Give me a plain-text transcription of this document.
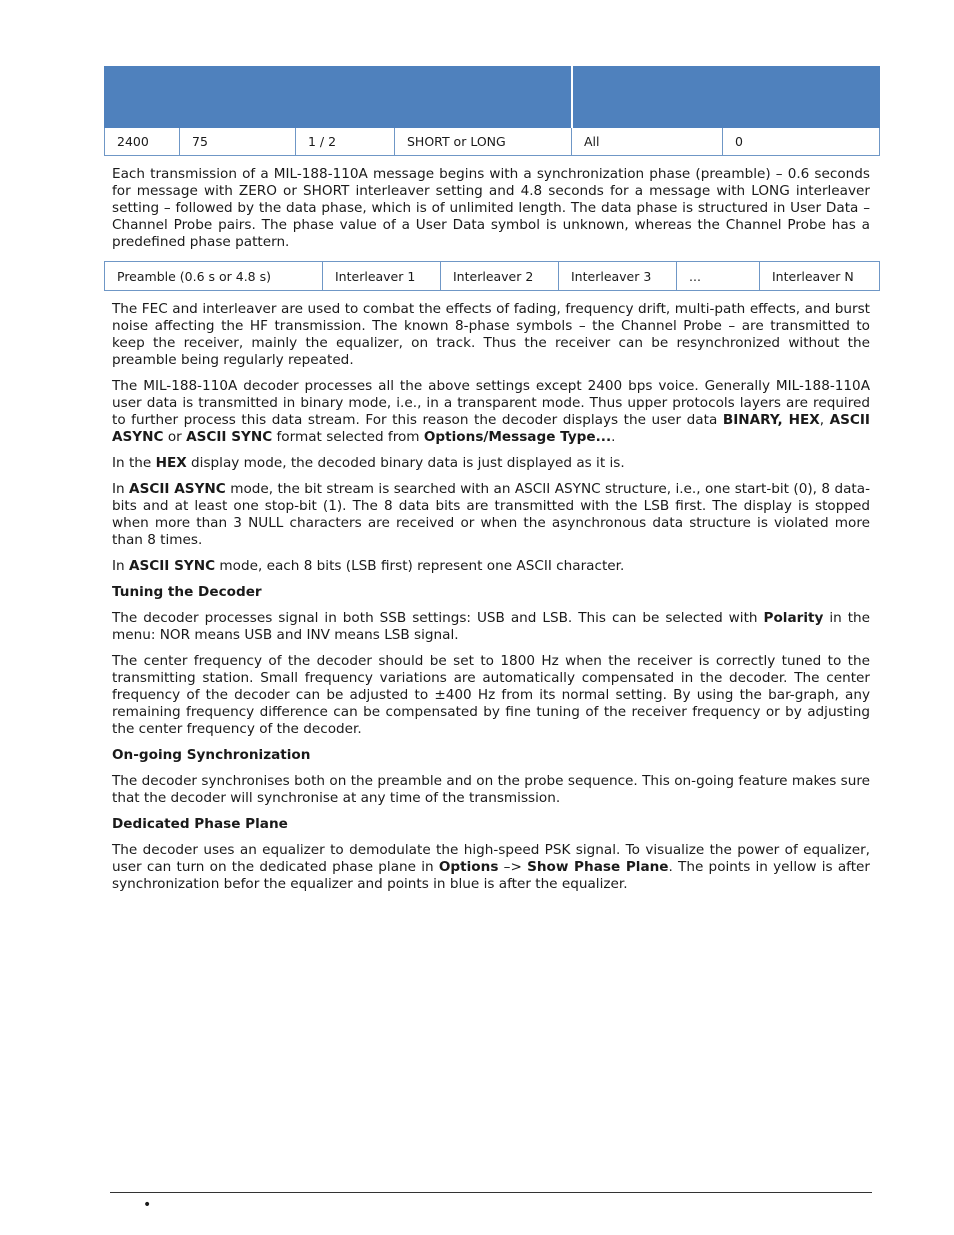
2400	75	1 / 2	SHORT or LONG	All	0

Each transmission of a MIL-188-110A message begins with a synchronization phase (preamble) – 0.6 seconds for message with ZERO or SHORT interleaver setting and 4.8 seconds for a message with LONG interleaver setting – followed by the data phase, which is of unlimited length. The data phase is structured in User Data – Channel Probe pairs. The phase value of a User Data symbol is unknown, whereas the Channel Probe has a predefined phase pattern.

Preamble (0.6 s or 4.8 s)	Interleaver 1	Interleaver 2	Interleaver 3	...	Interleaver N

The FEC and interleaver are used to combat the effects of fading, frequency drift, multi-path effects, and burst noise affecting the HF transmission. The known 8-phase symbols – the Channel Probe – are transmitted to keep the receiver, mainly the equalizer, on track. Thus the receiver can be resynchronized without the preamble being regularly repeated.

The MIL-188-110A decoder processes all the above settings except 2400 bps voice. Generally MIL-188-110A user data is transmitted in binary mode, i.e., in a transparent mode. Thus upper protocols layers are required to further process this data stream. For this reason the decoder displays the user data BINARY, HEX, ASCII ASYNC or ASCII SYNC format selected from Options/Message Type....

In the HEX display mode, the decoded binary data is just displayed as it is.

In ASCII ASYNC mode, the bit stream is searched with an ASCII ASYNC structure, i.e., one start-bit (0), 8 data-bits and at least one stop-bit (1). The 8 data bits are transmitted with the LSB first. The display is stopped when more than 3 NULL characters are received or when the asynchronous data structure is violated more than 8 times.

In ASCII SYNC mode, each 8 bits (LSB first) represent one ASCII character.

Tuning the Decoder

The decoder processes signal in both SSB settings: USB and LSB. This can be selected with Polarity in the menu: NOR means USB and INV means LSB signal.

The center frequency of the decoder should be set to 1800 Hz when the receiver is correctly tuned to the transmitting station. Small frequency variations are automatically compensated in the decoder. The center frequency of the decoder can be adjusted to ±400 Hz from its normal setting. By using the bar-graph, any remaining frequency difference can be compensated by fine tuning of the receiver frequency or by adjusting the center frequency of the decoder.

On-going Synchronization

The decoder synchronises both on the preamble and on the probe sequence. This on-going feature makes sure that the decoder will synchronise at any time of the transmission.

Dedicated Phase Plane

The decoder uses an equalizer to demodulate the high-speed PSK signal. To visualize the power of equalizer, user can turn on the dedicated phase plane in Options –> Show Phase Plane. The points in yellow is after synchronization befor the equalizer and points in blue is after the equalizer.

•
